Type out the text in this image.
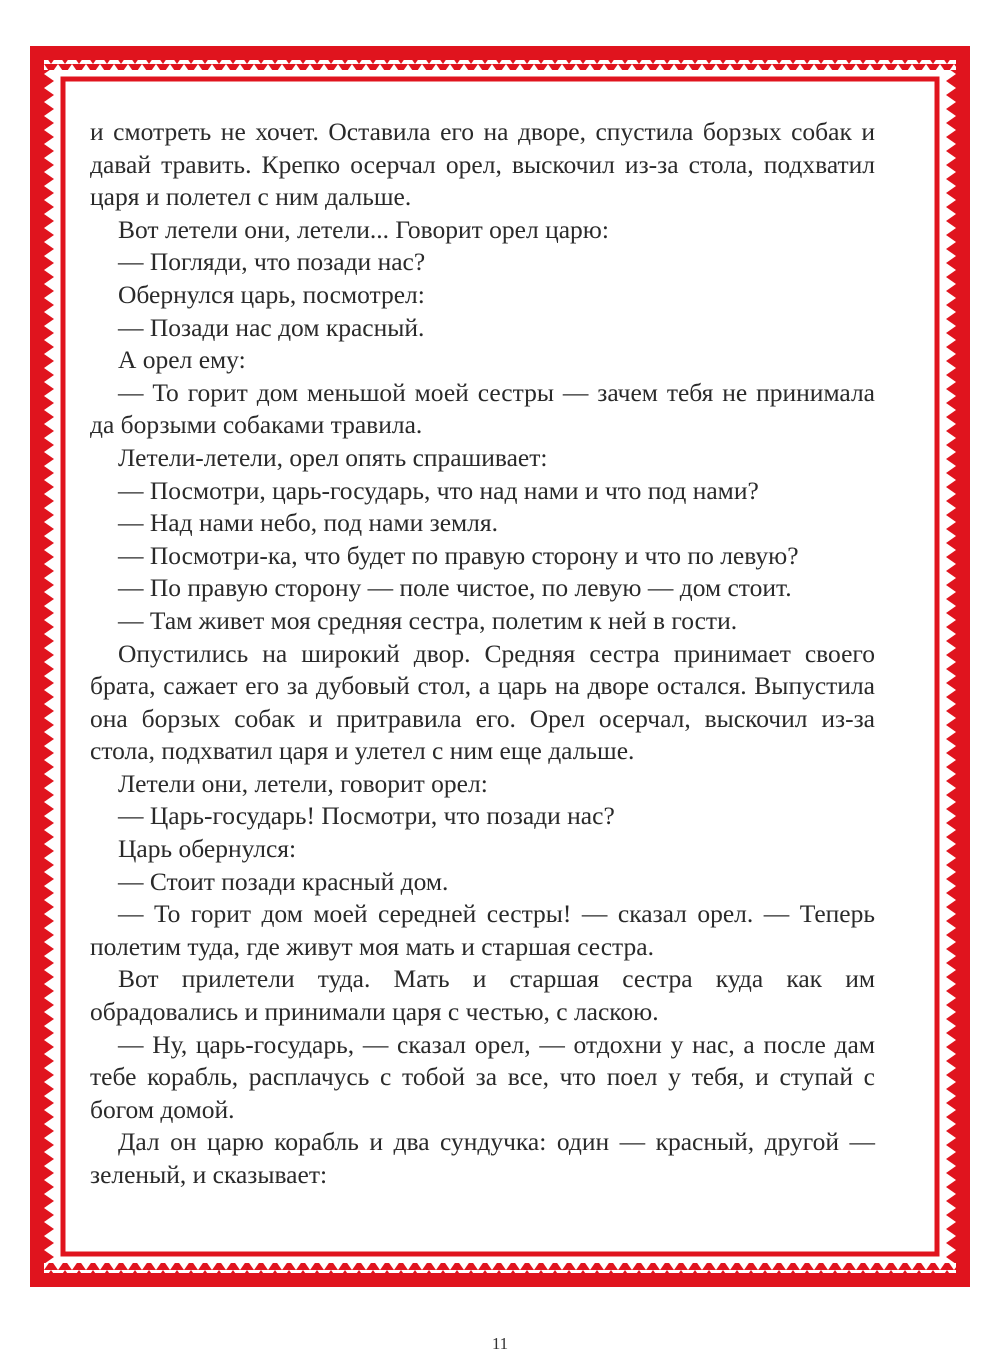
и смотреть не хочет. Оставила его на дворе, спустила борзых собак и давай травить. Крепко осерчал орел, выскочил из-за стола, подхватил царя и полетел с ним дальше.

Вот летели они, летели... Говорит орел царю:

— Погляди, что позади нас?

Обернулся царь, посмотрел:

— Позади нас дом красный.

А орел ему:

— То горит дом меньшой моей сестры — зачем тебя не принимала да борзыми собаками травила.

Летели-летели, орел опять спрашивает:

— Посмотри, царь-государь, что над нами и что под нами?

— Над нами небо, под нами земля.

— Посмотри-ка, что будет по правую сторону и что по левую?

— По правую сторону — поле чистое, по левую — дом стоит.

— Там живет моя средняя сестра, полетим к ней в гости.

Опустились на широкий двор. Средняя сестра принимает своего брата, сажает его за дубовый стол, а царь на дворе остался. Выпустила она борзых собак и притравила его. Орел осерчал, выскочил из-за стола, подхватил царя и улетел с ним еще дальше.

Летели они, летели, говорит орел:

— Царь-государь! Посмотри, что позади нас?

Царь обернулся:

— Стоит позади красный дом.

— То горит дом моей середней сестры! — сказал орел. — Теперь полетим туда, где живут моя мать и старшая сестра.

Вот прилетели туда. Мать и старшая сестра куда как им обрадовались и принимали царя с честью, с ласкою.

— Ну, царь-государь, — сказал орел, — отдохни у нас, а после дам тебе корабль, расплачусь с тобой за все, что поел у тебя, и ступай с богом домой.

Дал он царю корабль и два сундучка: один — красный, другой — зеленый, и сказывает:

11
